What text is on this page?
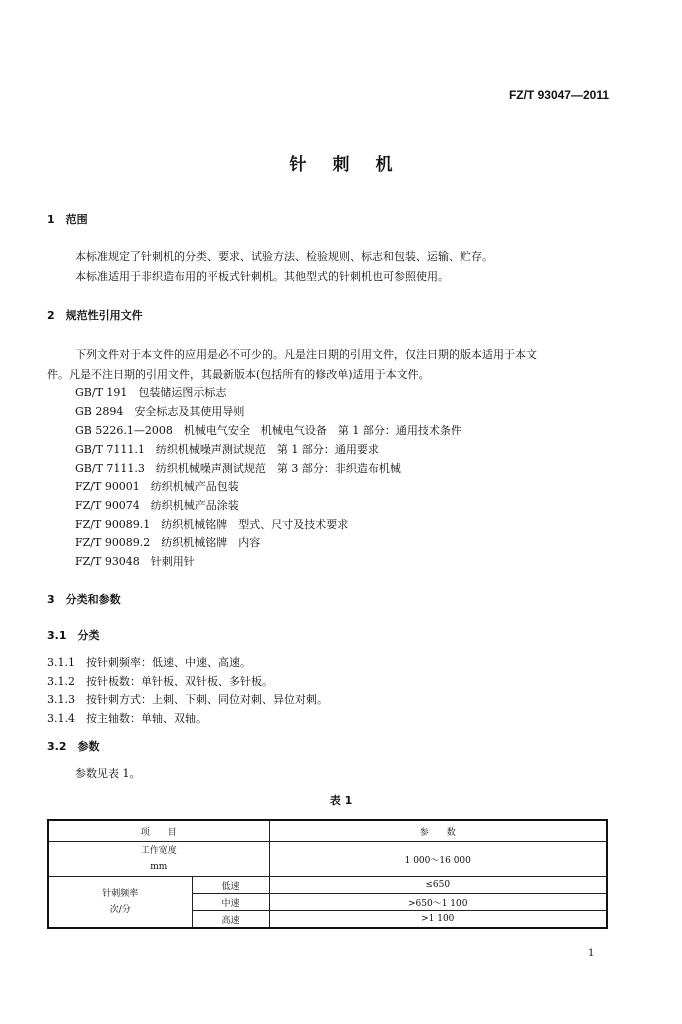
FZ/T 93047—2011
针刺机
1　范围
本标准规定了针刺机的分类、要求、试验方法、检验规则、标志和包装、运输、贮存。
本标准适用于非织造布用的平板式针刺机。其他型式的针刺机也可参照使用。
2　规范性引用文件
下列文件对于本文件的应用是必不可少的。凡是注日期的引用文件，仅注日期的版本适用于本文
件。凡是不注日期的引用文件，其最新版本(包括所有的修改单)适用于本文件。
GB/T 191　包装储运图示标志
GB 2894　安全标志及其使用导则
GB 5226.1—2008　机械电气安全　机械电气设备　第 1 部分：通用技术条件
GB/T 7111.1　纺织机械噪声测试规范　第 1 部分：通用要求
GB/T 7111.3　纺织机械噪声测试规范　第 3 部分：非织造布机械
FZ/T 90001　纺织机械产品包装
FZ/T 90074　纺织机械产品涂装
FZ/T 90089.1　纺织机械铭牌　型式、尺寸及技术要求
FZ/T 90089.2　纺织机械铭牌　内容
FZ/T 93048　针刺用针
3　分类和参数
3.1　分类
3.1.1　按针刺频率：低速、中速、高速。
3.1.2　按针板数：单针板、双针板、多针板。
3.1.3　按针刺方式：上刺、下刺、同位对刺、异位对刺。
3.1.4　按主轴数：单轴、双轴。
3.2　参数
参数见表 1。
表 1
项　　目		参　　数
工作宽度
mm		1 000～16 000
针刺频率
次/分	低速	≤650
	中速	>650～1 100
	高速	>1 100
1
